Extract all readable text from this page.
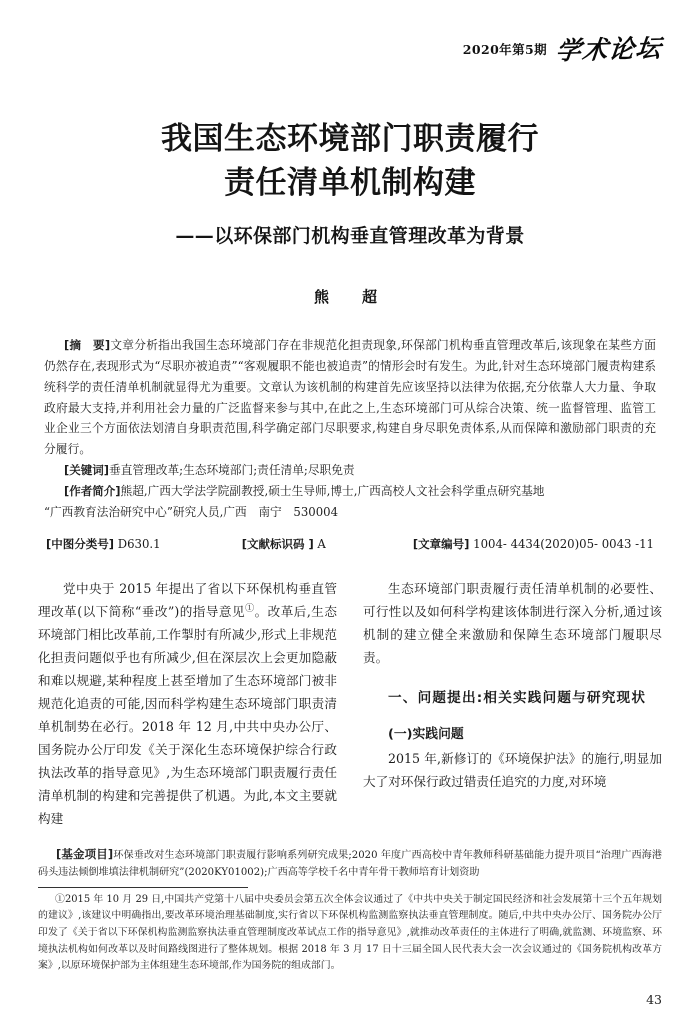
2020年第5期 学术论坛
我国生态环境部门职责履行
责任清单机制构建
——以环保部门机构垂直管理改革为背景
熊　超
[摘　要]文章分析指出我国生态环境部门存在非规范化担责现象,环保部门机构垂直管理改革后,该现象在某些方面仍然存在,表现形式为“尽职亦被追责”“客观履职不能也被追责”的情形会时有发生。为此,针对生态环境部门履责构建系统科学的责任清单机制就显得尤为重要。文章认为该机制的构建首先应该坚持以法律为依据,充分依靠人大力量、争取政府最大支持,并利用社会力量的广泛监督来参与其中,在此之上,生态环境部门可从综合决策、统一监督管理、监管工业企业三个方面依法划清自身职责范围,科学确定部门尽职要求,构建自身尽职免责体系,从而保障和激励部门职责的充分履行。
[关键词]垂直管理改革;生态环境部门;责任清单;尽职免责
[作者简介]熊超,广西大学法学院副教授,硕士生导师,博士,广西高校人文社会科学重点研究基地
“广西教育法治研究中心”研究人员,广西　南宁　530004
[中图分类号] D630.1	[文献标识码 ] A	[文章编号] 1004- 4434(2020)05- 0043 -11

党中央于 2015 年提出了省以下环保机构垂直管理改革(以下简称“垂改”)的指导意见①。改革后,生态环境部门相比改革前,工作掣肘有所减少,形式上非规范化担责问题似乎也有所减少,但在深层次上会更加隐蔽和难以规避,某种程度上甚至增加了生态环境部门被非规范化追责的可能,因而科学构建生态环境部门职责清单机制势在必行。2018 年 12 月,中共中央办公厅、国务院办公厅印发《关于深化生态环境保护综合行政执法改革的指导意见》,为生态环境部门职责履行责任清单机制的构建和完善提供了机遇。为此,本文主要就构建

生态环境部门职责履行责任清单机制的必要性、可行性以及如何科学构建该体制进行深入分析,通过该机制的建立健全来激励和保障生态环境部门履职尽责。

一、问题提出:相关实践问题与研究现状
(一)实践问题

2015 年,新修订的《环境保护法》的施行,明显加大了对环保行政过错责任追究的力度,对环境

[基金项目]环保垂改对生态环境部门职责履行影响系列研究成果;2020 年度广西高校中青年教师科研基础能力提升项目“治理广西海港码头违法倾倒堆填法律机制研究”(2020KY01002);广西高等学校千名中青年骨干教师培育计划资助
①2015 年 10 月 29 日,中国共产党第十八届中央委员会第五次全体会议通过了《中共中央关于制定国民经济和社会发展第十三个五年规划的建议》,该建议中明确指出,要改革环境治理基础制度,实行省以下环保机构监测监察执法垂直管理制度。随后,中共中央办公厅、国务院办公厅印发了《关于省以下环保机构监测监察执法垂直管理制度改革试点工作的指导意见》,就推动改革责任的主体进行了明确,就监测、环境监察、环境执法机构如何改革以及时间路线图进行了整体规划。根据 2018 年 3 月 17 日十三届全国人民代表大会一次会议通过的《国务院机构改革方案》,以原环境保护部为主体组建生态环境部,作为国务院的组成部门。
43
